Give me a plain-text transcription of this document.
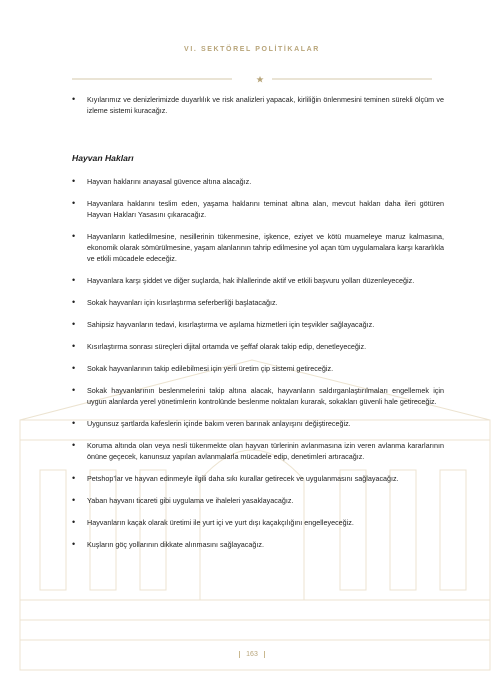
VI. SEKTÖREL POLİTİKALAR

• Kıyılarımız ve denizlerimizde duyarlılık ve risk analizleri yapacak, kirliliğin önlenmesini teminen sürekli ölçüm ve izleme sistemi kuracağız.

Hayvan Hakları

• Hayvan haklarını anayasal güvence altına alacağız.

• Hayvanlara haklarını teslim eden, yaşama haklarını teminat altına alan, mevcut hakları daha ileri götüren Hayvan Hakları Yasasını çıkaracağız.

• Hayvanların katledilmesine, nesillerinin tükenmesine, işkence, eziyet ve kötü muameleye maruz kalmasına, ekonomik olarak sömürülmesine, yaşam alanlarının tahrip edilmesine yol açan tüm uygulamalara karşı kararlıkla ve etkili mücadele edeceğiz.

• Hayvanlara karşı şiddet ve diğer suçlarda, hak ihlallerinde aktif ve etkili başvuru yolları düzenleyeceğiz.

• Sokak hayvanları için kısırlaştırma seferberliği başlatacağız.

• Sahipsiz hayvanların tedavi, kısırlaştırma ve aşılama hizmetleri için teşvikler sağlayacağız.

• Kısırlaştırma sonrası süreçleri dijital ortamda ve şeffaf olarak takip edip, denetleyeceğiz.

• Sokak hayvanlarının takip edilebilmesi için yerli üretim çip sistemi getireceğiz.

• Sokak hayvanlarının beslenmelerini takip altına alacak, hayvanların saldırganlaştırılmaları engellemek için uygun alanlarda yerel yönetimlerin kontrolünde beslenme noktaları kurarak, sokakları güvenli hale getireceğiz.

• Uygunsuz şartlarda kafeslerin içinde bakım veren barınak anlayışını değiştireceğiz.

• Koruma altında olan veya nesli tükenmekte olan hayvan türlerinin avlanmasına izin veren avlanma kararlarının önüne geçecek, kanunsuz yapılan avlanmalarla mücadele edip, denetimleri artıracağız.

• Petshop’lar ve hayvan edinmeyle ilgili daha sıkı kurallar getirecek ve uygulanmasını sağlayacağız.

• Yaban hayvanı ticareti gibi uygulama ve ihaleleri yasaklayacağız.

• Hayvanların kaçak olarak üretimi ile yurt içi ve yurt dışı kaçakçılığını engelleyeceğiz.

• Kuşların göç yollarının dikkate alınmasını sağlayacağız.

163
